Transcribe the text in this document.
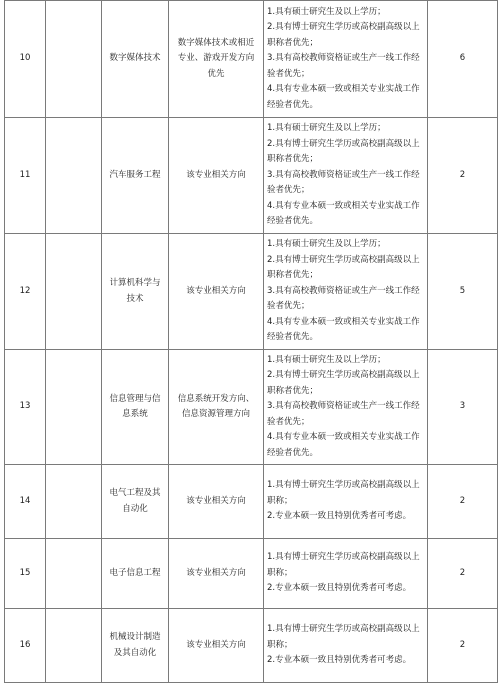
10		数字媒体技术	数字媒体技术或相近专业、游戏开发方向优先	1.具有硕士研究生及以上学历；
2.具有博士研究生学历或高校副高级以上职称者优先；
3.具有高校教师资格证或生产一线工作经验者优先；
4.具有专业本硕一致或相关专业实战工作经验者优先。	6
11		汽车服务工程	该专业相关方向	1.具有硕士研究生及以上学历；
2.具有博士研究生学历或高校副高级以上职称者优先；
3.具有高校教师资格证或生产一线工作经验者优先；
4.具有专业本硕一致或相关专业实战工作经验者优先。	2
12		计算机科学与技术	该专业相关方向	1.具有硕士研究生及以上学历；
2.具有博士研究生学历或高校副高级以上职称者优先；
3.具有高校教师资格证或生产一线工作经验者优先；
4.具有专业本硕一致或相关专业实战工作经验者优先。	5
13		信息管理与信息系统	信息系统开发方向、信息资源管理方向	1.具有硕士研究生及以上学历；
2.具有博士研究生学历或高校副高级以上职称者优先；
3.具有高校教师资格证或生产一线工作经验者优先；
4.具有专业本硕一致或相关专业实战工作经验者优先。	3
14		电气工程及其自动化	该专业相关方向	1.具有博士研究生学历或高校副高级以上职称；
2.专业本硕一致且特别优秀者可考虑。	2
15		电子信息工程	该专业相关方向	1.具有博士研究生学历或高校副高级以上职称；
2.专业本硕一致且特别优秀者可考虑。	2
16		机械设计制造及其自动化	该专业相关方向	1.具有博士研究生学历或高校副高级以上职称；
2.专业本硕一致且特别优秀者可考虑。	2
